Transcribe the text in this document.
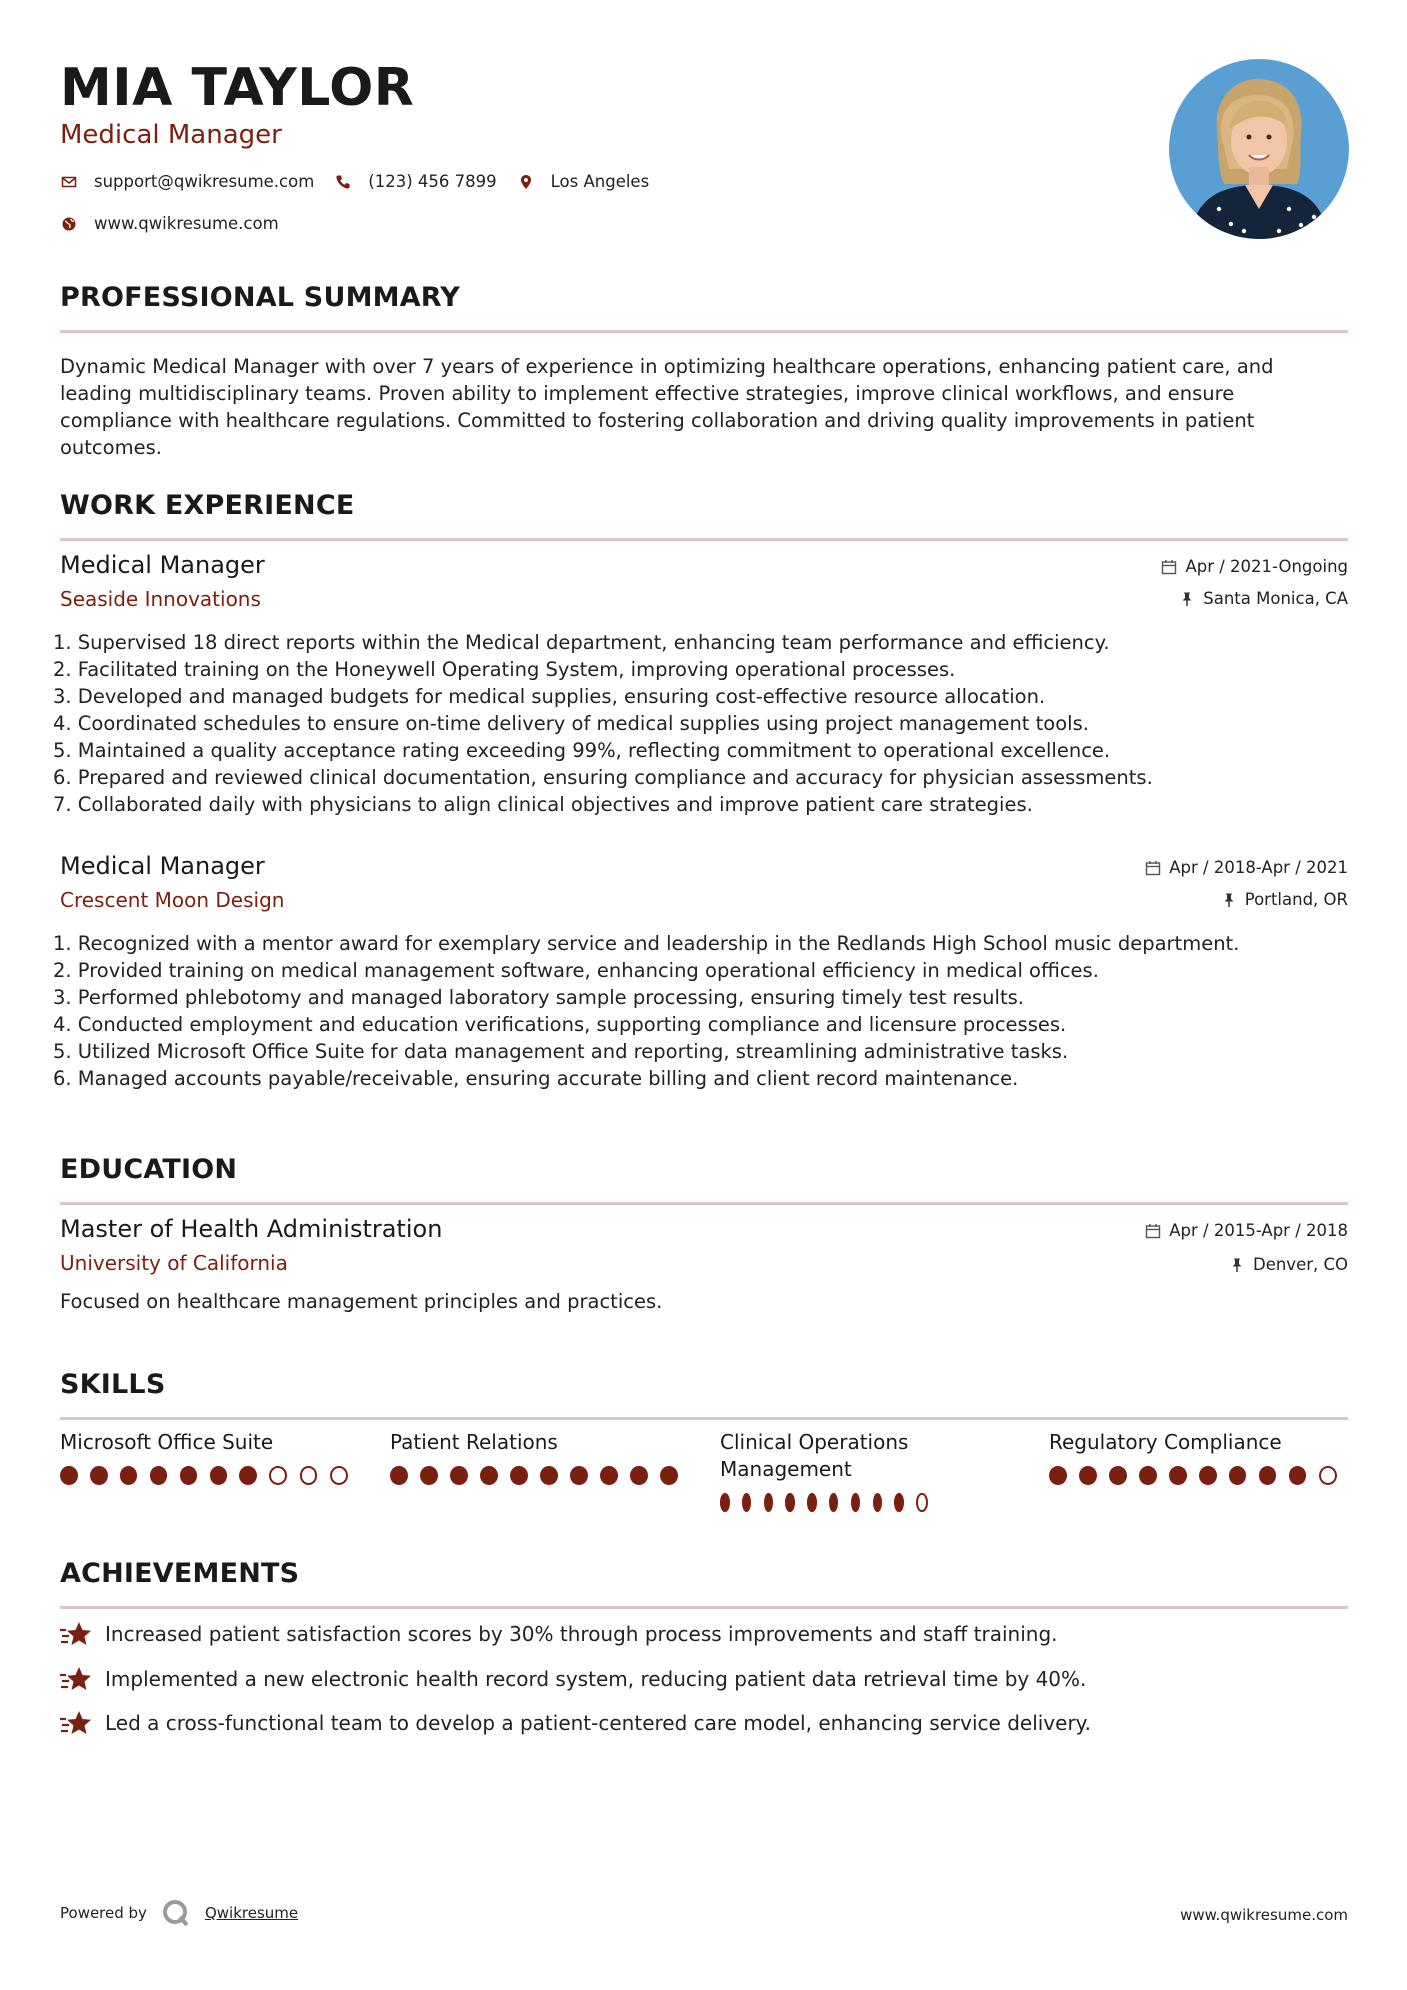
MIA TAYLOR
Medical Manager
support@qwikresume.com	(123) 456 7899	Los Angeles
www.qwikresume.com
PROFESSIONAL SUMMARY
Dynamic Medical Manager with over 7 years of experience in optimizing healthcare operations, enhancing patient care, and leading multidisciplinary teams. Proven ability to implement effective strategies, improve clinical workflows, and ensure compliance with healthcare regulations. Committed to fostering collaboration and driving quality improvements in patient outcomes.
WORK EXPERIENCE
Medical Manager
Seaside Innovations
Apr / 2021-Ongoing
Santa Monica, CA
1. Supervised 18 direct reports within the Medical department, enhancing team performance and efficiency.
2. Facilitated training on the Honeywell Operating System, improving operational processes.
3. Developed and managed budgets for medical supplies, ensuring cost-effective resource allocation.
4. Coordinated schedules to ensure on-time delivery of medical supplies using project management tools.
5. Maintained a quality acceptance rating exceeding 99%, reflecting commitment to operational excellence.
6. Prepared and reviewed clinical documentation, ensuring compliance and accuracy for physician assessments.
7. Collaborated daily with physicians to align clinical objectives and improve patient care strategies.
Medical Manager
Crescent Moon Design
Apr / 2018-Apr / 2021
Portland, OR
1. Recognized with a mentor award for exemplary service and leadership in the Redlands High School music department.
2. Provided training on medical management software, enhancing operational efficiency in medical offices.
3. Performed phlebotomy and managed laboratory sample processing, ensuring timely test results.
4. Conducted employment and education verifications, supporting compliance and licensure processes.
5. Utilized Microsoft Office Suite for data management and reporting, streamlining administrative tasks.
6. Managed accounts payable/receivable, ensuring accurate billing and client record maintenance.
EDUCATION
Master of Health Administration
University of California
Apr / 2015-Apr / 2018
Denver, CO
Focused on healthcare management principles and practices.
SKILLS
Microsoft Office Suite	Patient Relations	Clinical Operations Management
Regulatory Compliance
ACHIEVEMENTS
Increased patient satisfaction scores by 30% through process improvements and staff training.
Implemented a new electronic health record system, reducing patient data retrieval time by 40%.
Led a cross-functional team to develop a patient-centered care model, enhancing service delivery.
Powered by	Qwikresume	www.qwikresume.com
